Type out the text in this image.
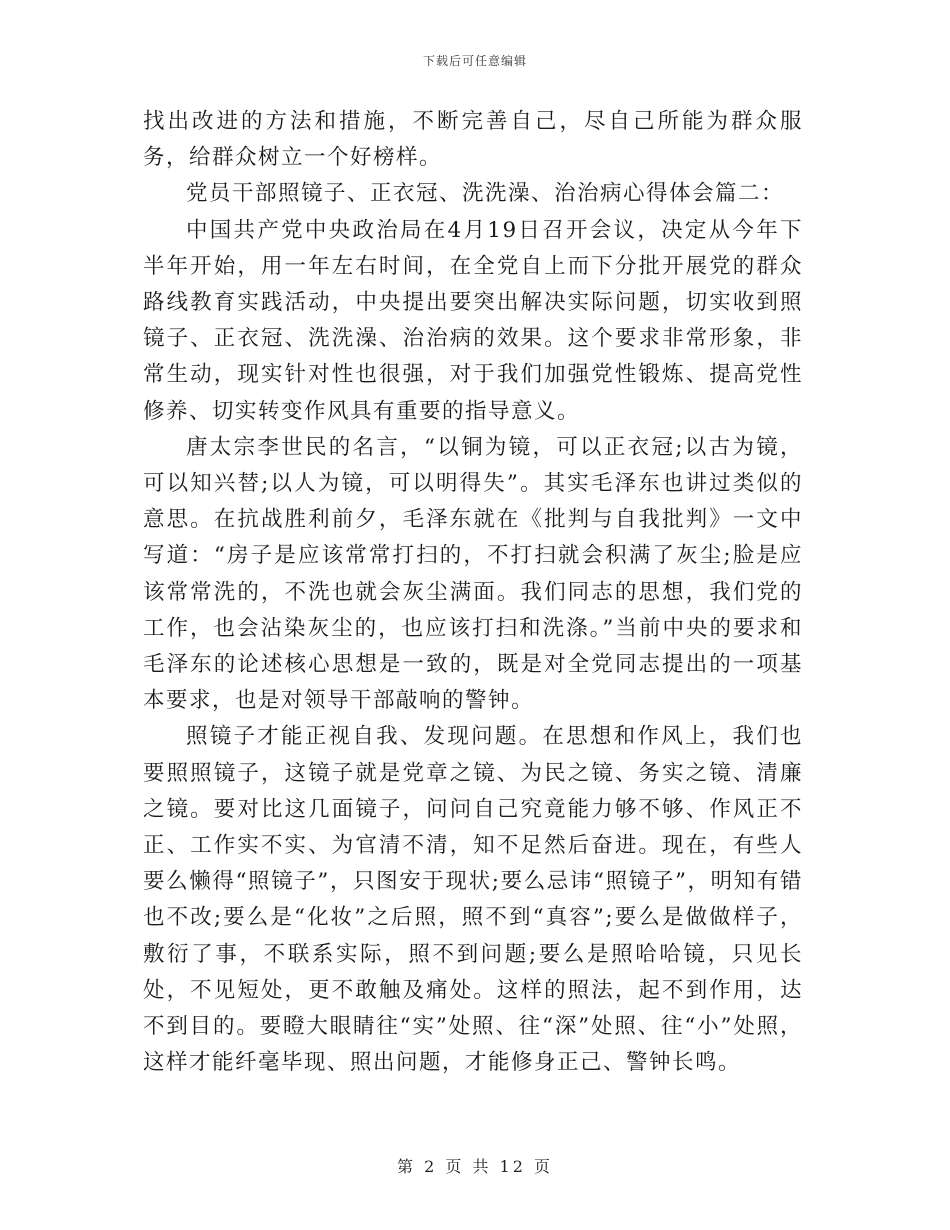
下载后可任意编辑

找出改进的方法和措施，不断完善自己，尽自己所能为群众服务，给群众树立一个好榜样。

党员干部照镜子、正衣冠、洗洗澡、治治病心得体会篇二：

中国共产党中央政治局在4月19日召开会议，决定从今年下半年开始，用一年左右时间，在全党自上而下分批开展党的群众路线教育实践活动，中央提出要突出解决实际问题，切实收到照镜子、正衣冠、洗洗澡、治治病的效果。这个要求非常形象，非常生动，现实针对性也很强，对于我们加强党性锻炼、提高党性修养、切实转变作风具有重要的指导意义。

唐太宗李世民的名言，“以铜为镜，可以正衣冠;以古为镜，可以知兴替;以人为镜，可以明得失”。其实毛泽东也讲过类似的意思。在抗战胜利前夕，毛泽东就在《批判与自我批判》一文中写道：“房子是应该常常打扫的，不打扫就会积满了灰尘;脸是应该常常洗的，不洗也就会灰尘满面。我们同志的思想，我们党的工作，也会沾染灰尘的，也应该打扫和洗涤。”当前中央的要求和毛泽东的论述核心思想是一致的，既是对全党同志提出的一项基本要求，也是对领导干部敲响的警钟。

照镜子才能正视自我、发现问题。在思想和作风上，我们也要照照镜子，这镜子就是党章之镜、为民之镜、务实之镜、清廉之镜。要对比这几面镜子，问问自己究竟能力够不够、作风正不正、工作实不实、为官清不清，知不足然后奋进。现在，有些人要么懒得“照镜子”，只图安于现状;要么忌讳“照镜子”，明知有错也不改;要么是“化妆”之后照，照不到“真容”;要么是做做样子，敷衍了事，不联系实际，照不到问题;要么是照哈哈镜，只见长处，不见短处，更不敢触及痛处。这样的照法，起不到作用，达不到目的。要瞪大眼睛往“实”处照、往“深”处照、往“小”处照，这样才能纤毫毕现、照出问题，才能修身正己、警钟长鸣。

第 2 页 共 12 页
